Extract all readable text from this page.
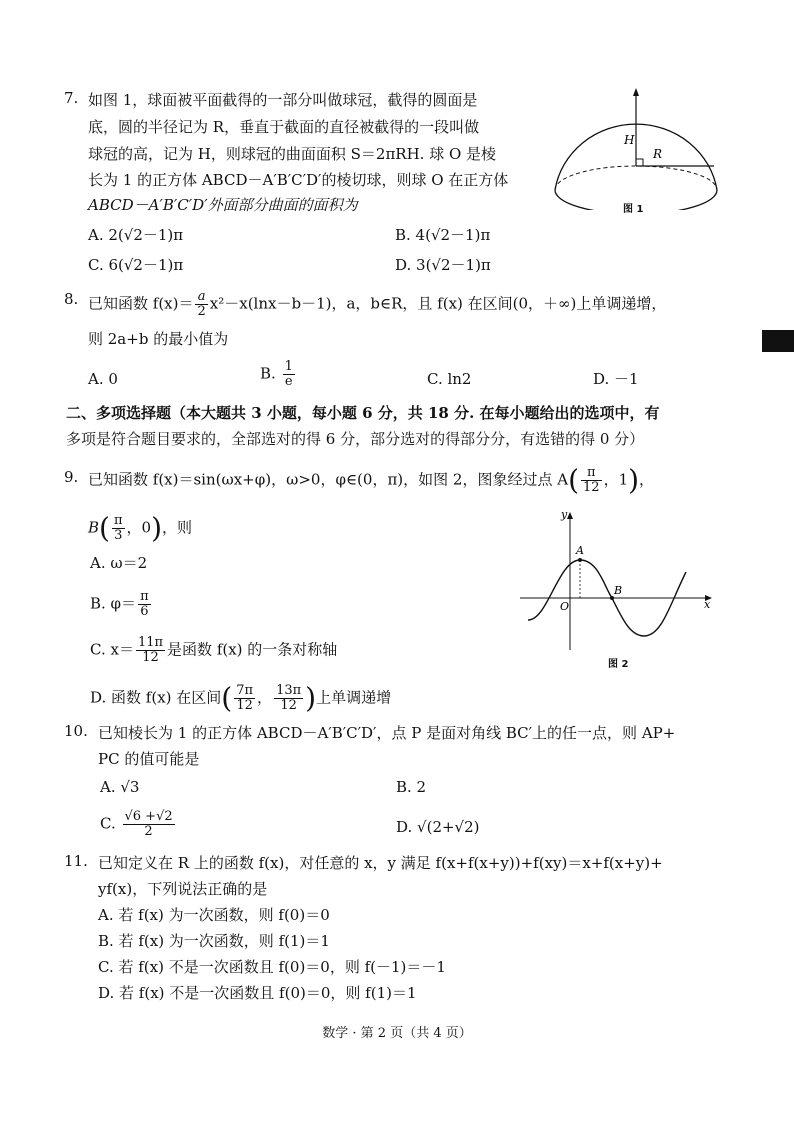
7. 如图 1，球面被平面截得的一部分叫做球冠，截得的圆面是
底，圆的半径记为 R，垂直于截面的直径被截得的一段叫做
球冠的高，记为 H，则球冠的曲面面积 S＝2πRH. 球 O 是棱
长为 1 的正方体 ABCD－A′B′C′D′的棱切球，则球 O 在正方体
ABCD－A′B′C′D′外面部分曲面的面积为
A. 2(√2－1)π	B. 4(√2－1)π
C. 6(√2－1)π	D. 3(√2－1)π
H
R
图 1
8. 已知函数 $f(x)= \frac{a}{2} x^2-x(\ln x-b-1)$，a，b∈R，且 f(x) 在区间(0，＋∞)上单调递增，
则 2a+b 的最小值为
A. 0	B. $\frac{1}{e}$	C. ln2	D. －1
二、多项选择题（本大题共 3 小题，每小题 6 分，共 18 分. 在每小题给出的选项中，有
多项是符合题目要求的，全部选对的得 6 分，部分选对的得部分分，有选错的得 0 分）
9. 已知函数 f(x)＝sin(ωx+φ)，ω>0，φ∈(0，π)，如图 2，图象经过点 $A( \frac{\pi}{12}$ ，1)，
$B( \frac{\pi}{3}$ ，0)，则
A. ω＝2
B. $\varphi= \frac{\pi}{6}$
C. $x= \frac{11\pi}{12}$ 是函数 f(x) 的一条对称轴
D. 函数 f(x) 在区间( $\frac{7\pi}{12}$ ， $\frac{13\pi}{12}$ )上单调递增
y
x
O
A
B
图 2
10. 已知棱长为 1 的正方体 ABCD－A′B′C′D′，点 P 是面对角线 BC′上的任一点，则 AP+
PC 的值可能是
A. √3	B. 2
C. $\frac{√6 +√2}{2}$	D. √(2+√2)
11. 已知定义在 R 上的函数 f(x)，对任意的 x，y 满足 f(x+f(x+y))+f(xy)＝x+f(x+y)+
yf(x)，下列说法正确的是
A. 若 f(x) 为一次函数，则 f(0)＝0
B. 若 f(x) 为一次函数，则 f(1)＝1
C. 若 f(x) 不是一次函数且 f(0)＝0，则 f(－1)＝－1
D. 若 f(x) 不是一次函数且 f(0)＝0，则 f(1)＝1
数学 · 第 2 页（共 4 页）
